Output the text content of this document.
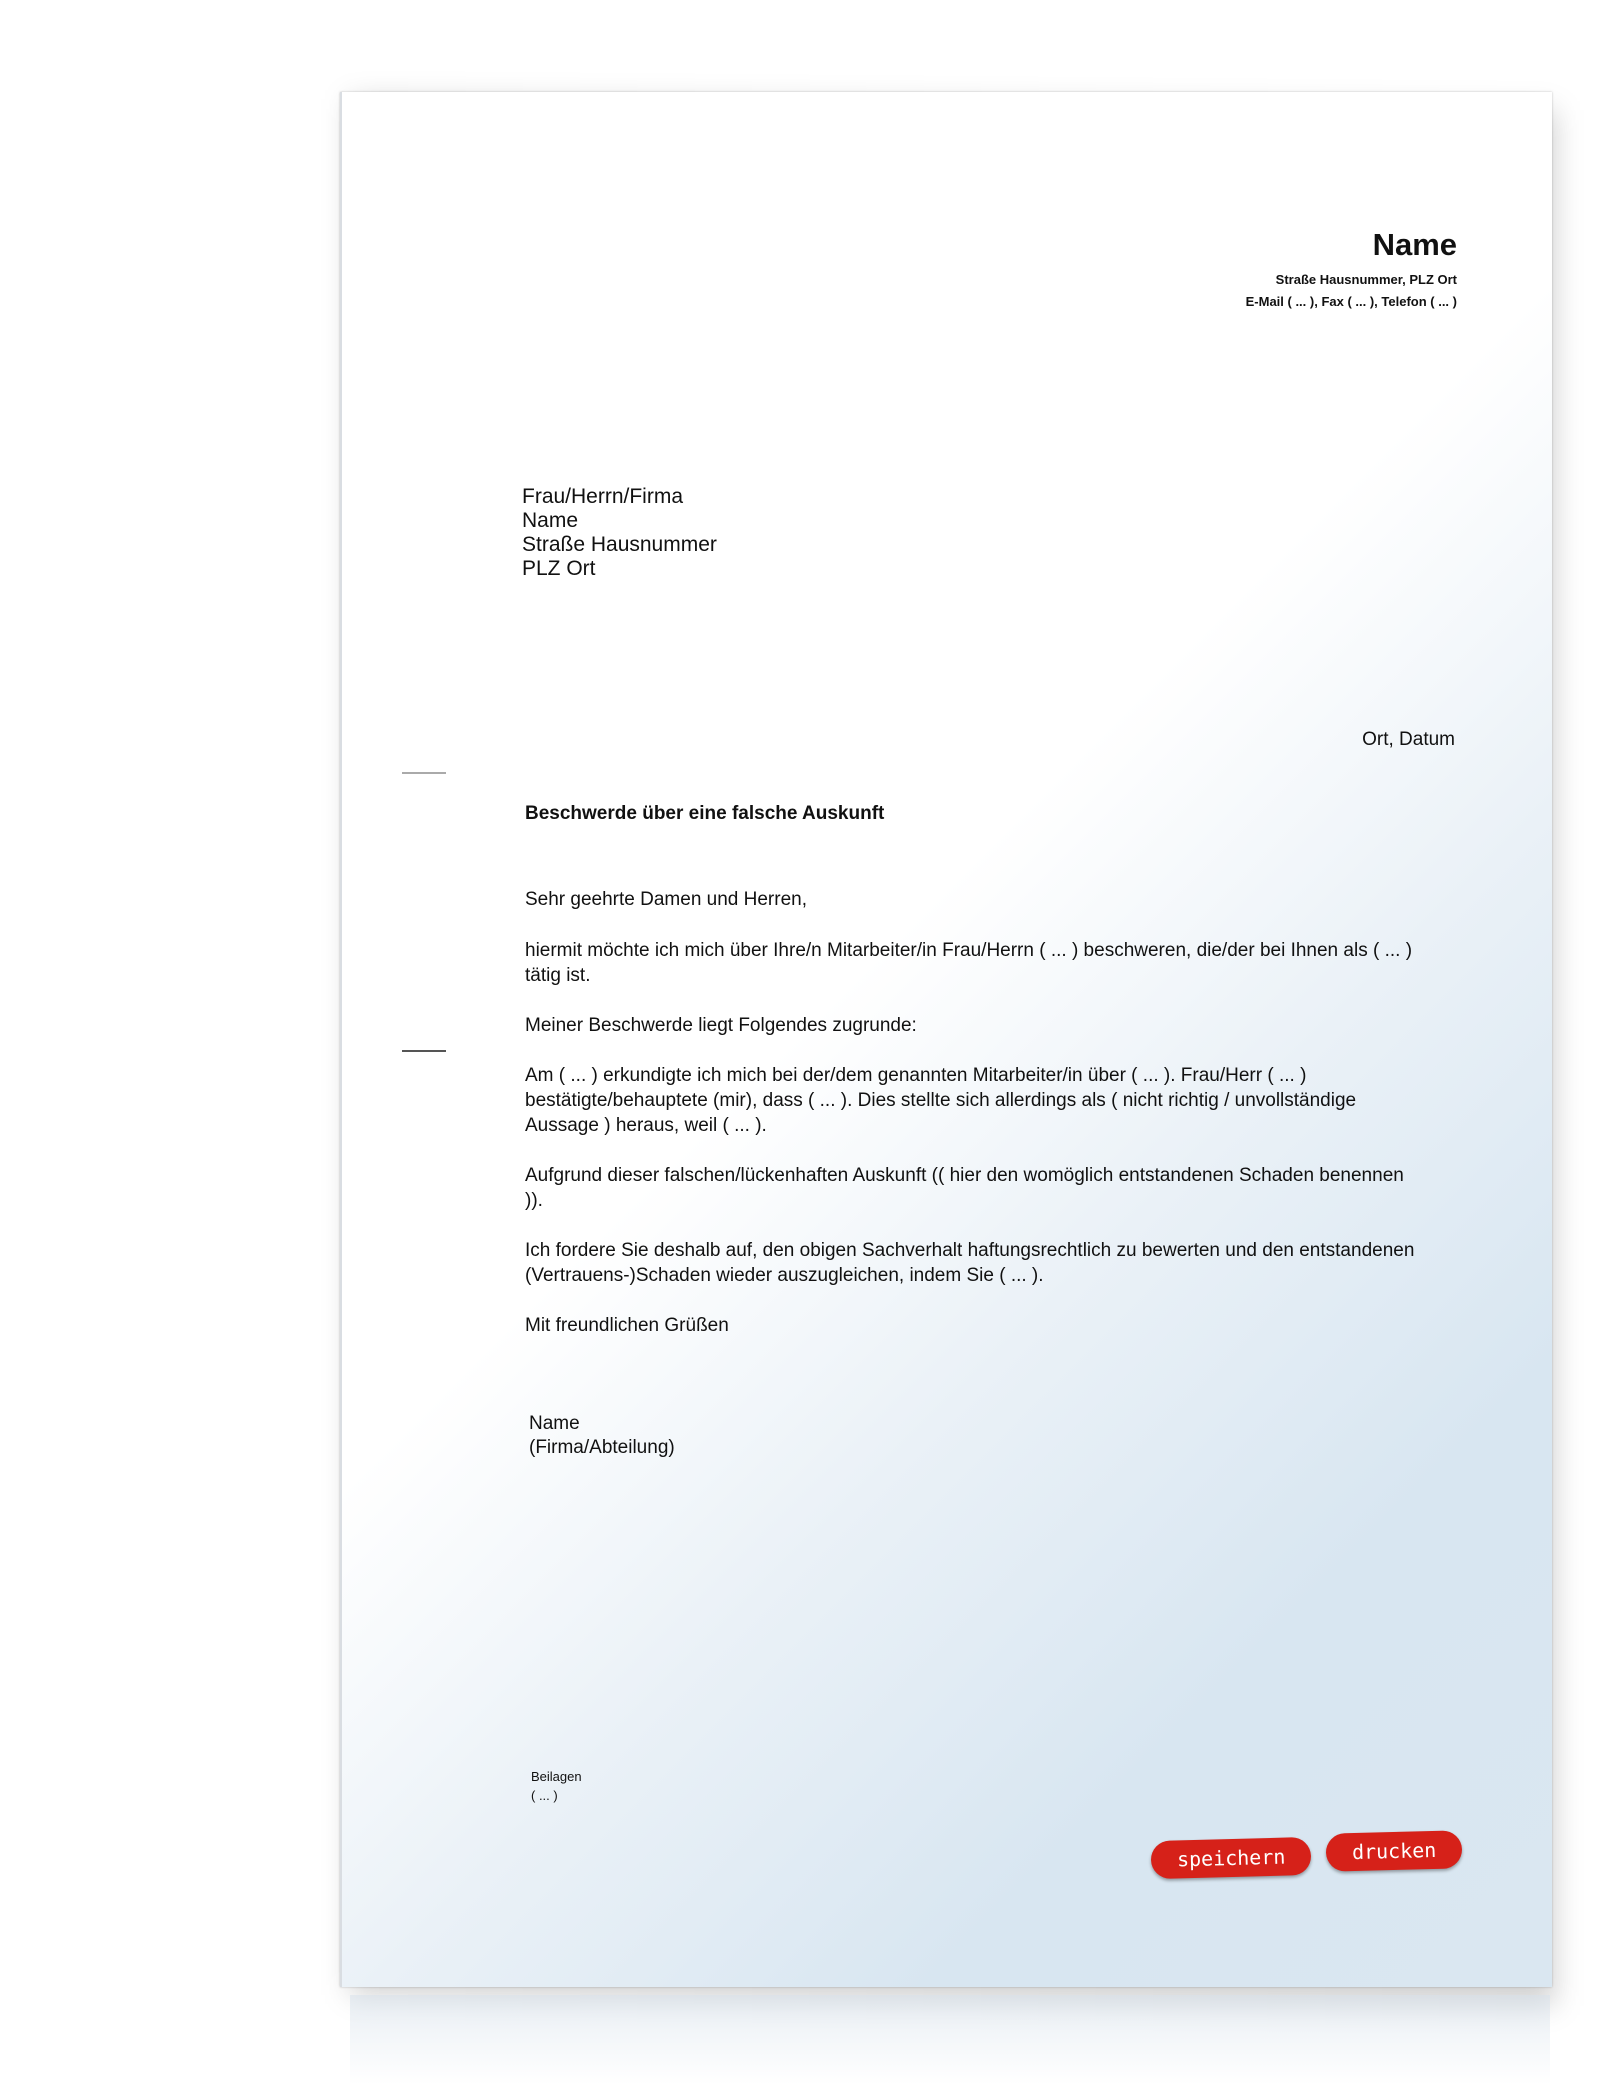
Name
Straße Hausnummer, PLZ Ort
E-Mail ( ... ), Fax ( ... ), Telefon ( ... )
Frau/Herrn/Firma
Name
Straße Hausnummer
PLZ Ort
Ort, Datum
Beschwerde über eine falsche Auskunft

Sehr geehrte Damen und Herren,

hiermit möchte ich mich über Ihre/n Mitarbeiter/in Frau/Herrn ( ... ) beschweren, die/der bei Ihnen als ( ... ) tätig ist.

Meiner Beschwerde liegt Folgendes zugrunde:

Am ( ... ) erkundigte ich mich bei der/dem genannten Mitarbeiter/in über ( ... ). Frau/Herr ( ... ) bestätigte/behauptete (mir), dass ( ... ). Dies stellte sich allerdings als ( nicht richtig / unvollständige Aussage ) heraus, weil ( ... ).

Aufgrund dieser falschen/lückenhaften Auskunft (( hier den womöglich entstandenen Schaden benennen )).

Ich fordere Sie deshalb auf, den obigen Sachverhalt haftungsrechtlich zu bewerten und den entstandenen (Vertrauens-)Schaden wieder auszugleichen, indem Sie ( ... ).

Mit freundlichen Grüßen

Name
(Firma/Abteilung)
Beilagen
( ... )
speichern	drucken
